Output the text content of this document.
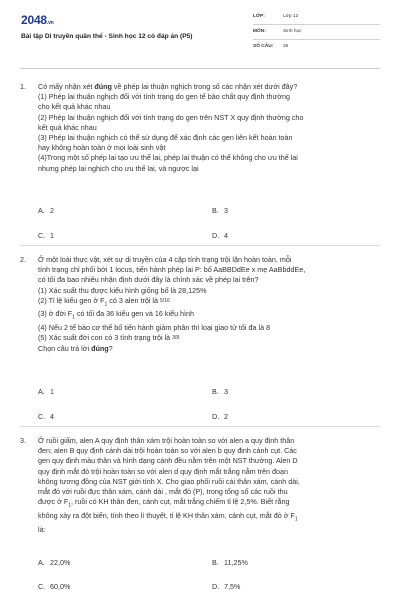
2048.vn
Bài tập Di truyền quần thể - Sinh học 12 có đáp án (P5)
LỚP:	Lớp 12
MÔN:	Sinh học
SỐ CÂU: 35
1.	Có mấy nhận xét đúng về phép lai thuận nghịch trong số các nhận xét dưới đây?

(1) Phép lai thuận nghịch đối với tính trạng do gen tế bào chất quy định thường

cho kết quả khác nhau

(2) Phép lai thuận nghịch đối với tính trạng do gen trên NST X quy định thường cho

kết quả khác nhau

(3) Phép lai thuận nghịch có thể sử dụng để xác định các gen liên kết hoàn toàn

hay không hoàn toàn ở mọi loài sinh vật

(4)Trong một số phép lai tạo ưu thế lai, phép lai thuận có thể không cho ưu thế lai

nhưng phép lai nghịch cho ưu thế lai, và ngược lại

A. 2	B. 3
C. 1	D. 4
2.	Ở một loài thực vật, xét sự di truyền của 4 cặp tính trạng trội lặn hoàn toàn, mỗi

tính trạng chỉ phối bởi 1 locus, tiến hành phép lai P: bố AaBBDdEe x mẹ AaBbddEe,

có tối đa bao nhiêu nhận định dưới đây là chính xác về phép lai trên?

(1) Xác suất thu được kiểu hình giống bố là 28,125%

(2) Tỉ lệ kiểu gen ở $F_1$ có 3 alen trội là 5/16

(3) ở đời $F_1$ có tối đa 36 kiểu gen và 16 kiểu hình

(4) Nếu 2 tế bào cơ thể bố tiến hành giảm phân thì loại giao tử tối đa là 8

(5) Xác suất đời con có 3 tính trạng trội là 3/8

Chọn câu trả lời đúng?

A. 1	B. 3
C. 4	D. 2
3.	Ở ruồi giấm, alen A quy định thân xám trội hoàn toàn so với alen a quy định thân

đen; alen B quy định cánh dài trội hoàn toàn so với alen b quy định cánh cụt. Các

gen quy định màu thân và hình dạng cánh đều nằm trên một NST thường. Alen D

quy định mắt đỏ trội hoàn toàn so với alen d quy định mắt trắng nằm trên đoạn

không tương đồng của NST giới tính X. Cho giao phối ruồi cái thân xám, cánh dài,

mắt đỏ với ruồi đực thân xám, cánh dài , mắt đỏ (P), trong tổng số các ruồi thu

được ở $F_1$, ruồi có KH thân đen, cánh cụt, mắt trắng chiếm tỉ lệ 2,5%. Biết rằng

không xảy ra đột biến, tính theo lí thuyết, tỉ lệ KH thân xám, cánh cụt, mắt đỏ ở $F_1$

là:

A. 22,0%	B. 11,25%
C. 60,0%	D. 7,5%
